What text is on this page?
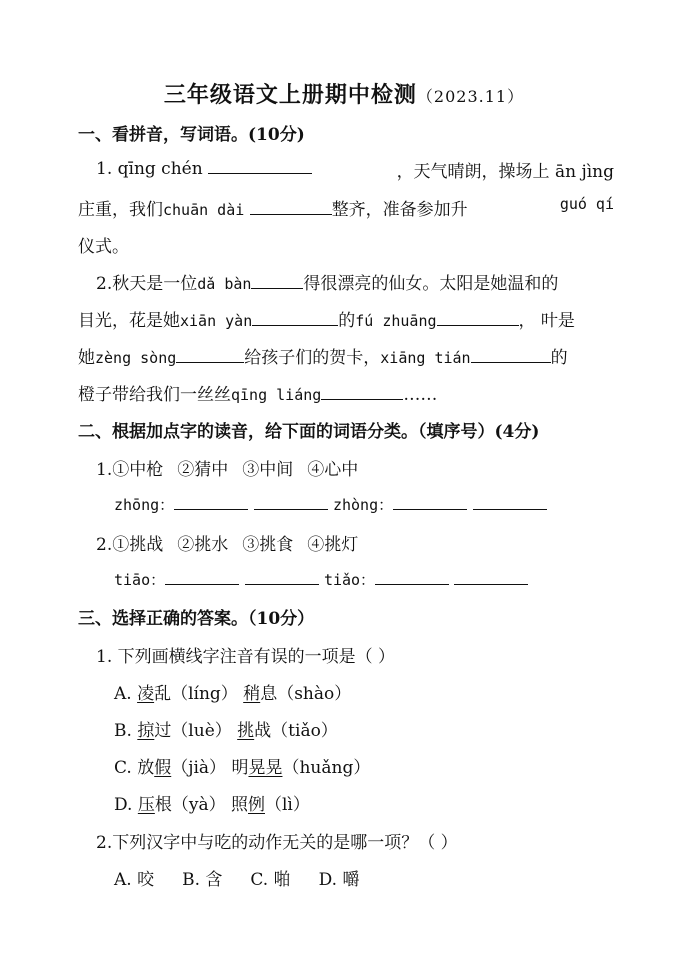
三年级语文上册期中检测（2023.11）
一、看拼音，写词语。(10分)
1. qīng chén	，天气晴朗，操场上 ān jìng
庄重，我们chuān dài	整齐，准备参加升	guó qí
仪式。
2.秋天是一位dǎ bàn	得很漂亮的仙女。太阳是她温和的
目光，花是她xiān yàn	的fú zhuāng	， 叶是
她zèng sòng	给孩子们的贺卡，xiāng tián	的
橙子带给我们一丝丝qīng liáng	……
二、根据加点字的读音，给下面的词语分类。（填序号）(4分)
1.①中枪 ②猜中 ③中间 ④心中
zhōng：	zhòng：
2.①挑战 ②挑水 ③挑食 ④挑灯
tiāo：	tiǎo：
三、选择正确的答案。（10分）
1. 下列画横线字注音有误的一项是（ ）
A. 凌乱（líng） 稍息（shào）
B. 掠过（luè） 挑战（tiǎo）
C. 放假（jià） 明晃晃（huǎng）
D. 压根（yà） 照例（lì）
2.下列汉字中与吃的动作无关的是哪一项？（ ）
A. 咬 B. 含 C. 啪 D. 嚼
